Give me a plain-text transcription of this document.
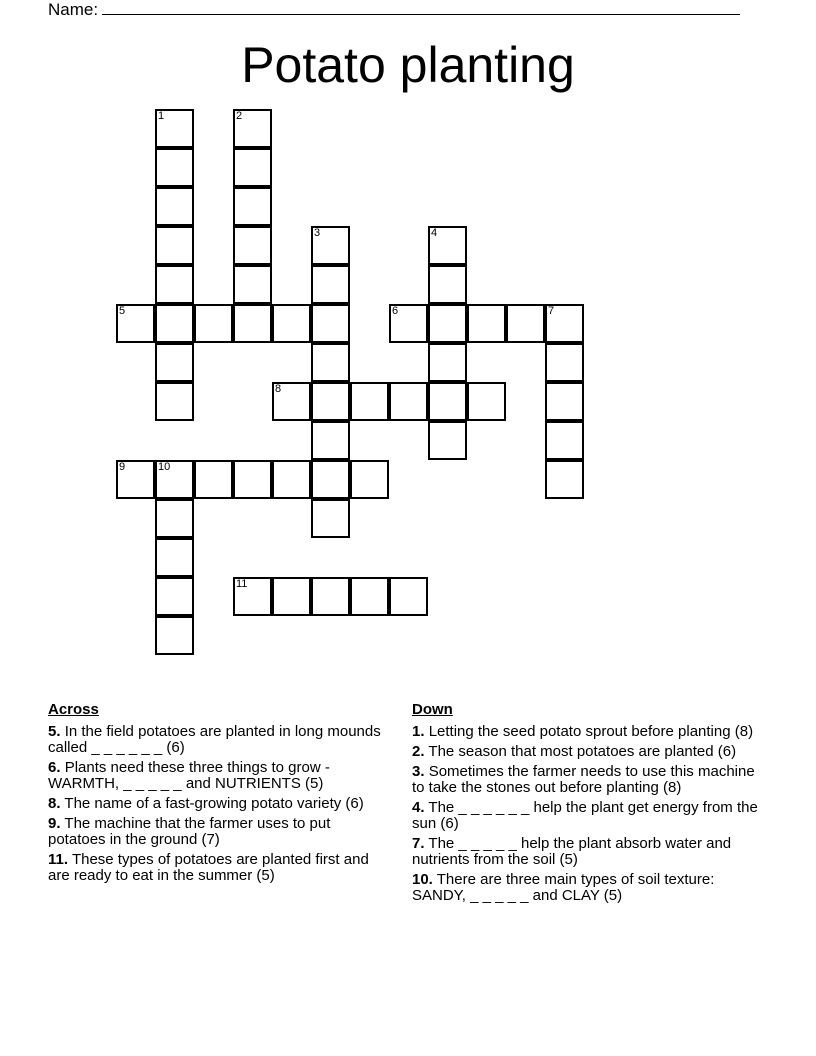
Name:
Potato planting
1	2
3	4
5	6	7
8
9	10
11
Across
5. In the field potatoes are planted in long mounds called _ _ _ _ _ _ (6)
6. Plants need these three things to grow - WARMTH, _ _ _ _ _ and NUTRIENTS (5)
8. The name of a fast-growing potato variety (6)
9. The machine that the farmer uses to put potatoes in the ground (7)
11. These types of potatoes are planted first and are ready to eat in the summer (5)
Down
1. Letting the seed potato sprout before planting (8)
2. The season that most potatoes are planted (6)
3. Sometimes the farmer needs to use this machine to take the stones out before planting (8)
4. The _ _ _ _ _ _ help the plant get energy from the sun (6)
7. The _ _ _ _ _ help the plant absorb water and nutrients from the soil (5)
10. There are three main types of soil texture: SANDY, _ _ _ _ _ and CLAY (5)
